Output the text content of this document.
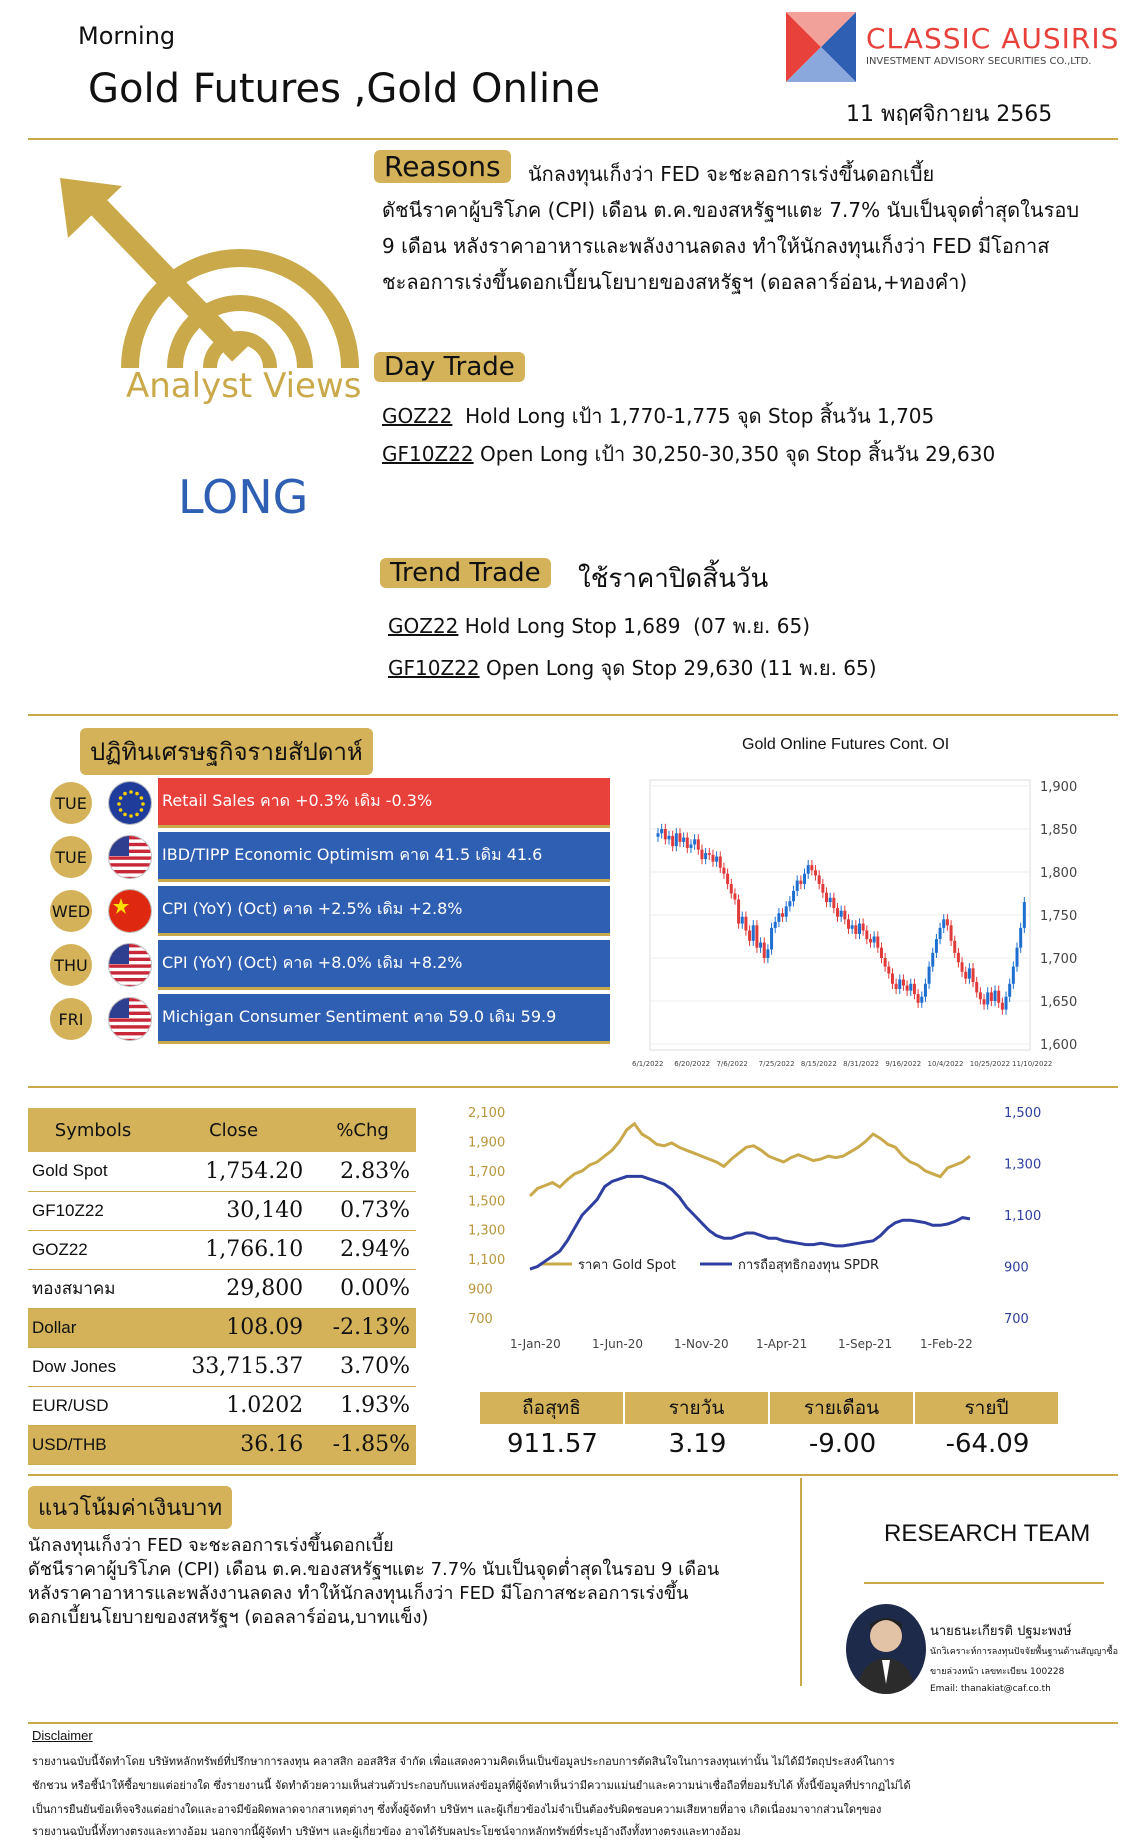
Morning
Gold Futures ,Gold Online
CLASSIC AUSIRIS
INVESTMENT ADVISORY SECURITIES CO.,LTD.
11 พฤศจิกายน 2565
Analyst Views
LONG
Reasons	นักลงทุนเก็งว่า FED จะชะลอการเร่งขึ้นดอกเบี้ย
ดัชนีราคาผู้บริโภค (CPI) เดือน ต.ค.ของสหรัฐฯแตะ 7.7% นับเป็นจุดต่ำสุดในรอบ
9 เดือน หลังราคาอาหารและพลังงานลดลง ทำให้นักลงทุนเก็งว่า FED มีโอกาส
ชะลอการเร่งขึ้นดอกเบี้ยนโยบายของสหรัฐฯ (ดอลลาร์อ่อน,+ทองคำ)
Day Trade
GOZ22  Hold Long เป้า 1,770-1,775 จุด Stop สิ้นวัน 1,705
GF10Z22 Open Long เป้า 30,250-30,350 จุด Stop สิ้นวัน 29,630
Trend Trade	ใช้ราคาปิดสิ้นวัน
GOZ22 Hold Long Stop 1,689  (07 พ.ย. 65)
GF10Z22 Open Long จุด Stop 29,630 (11 พ.ย. 65)
ปฏิทินเศรษฐกิจรายสัปดาห์
TUE	Retail Sales คาด +0.3% เดิม -0.3%
TUE	IBD/TIPP Economic Optimism คาด 41.5 เดิม 41.6
WED	CPI (YoY) (Oct) คาด +2.5% เดิม +2.8%
THU	CPI (YoY) (Oct) คาด +8.0% เดิม +8.2%
FRI	Michigan Consumer Sentiment คาด 59.0 เดิม 59.9
Gold Online Futures Cont. OI
1,900
1,850
1,800
1,750
1,700
1,650
1,600
6/1/2022 6/20/2022 7/6/2022 7/25/2022 8/15/2022 8/31/2022 9/16/2022 10/4/2022 10/25/2022 11/10/2022
Symbols	Close	%Chg
Gold Spot	1,754.20	2.83%
GF10Z22	30,140	0.73%
GOZ22	1,766.10	2.94%
ทองสมาคม	29,800	0.00%
Dollar	108.09	-2.13%
Dow Jones	33,715.37	3.70%
EUR/USD	1.0202	1.93%
USD/THB	36.16	-1.85%
2,100
1,900
1,700
1,500
1,300
1,100
900
700
1,500
1,300
1,100
900
700
1-Jan-20	1-Jun-20	1-Nov-20 1-Apr-21	1-Sep-21 1-Feb-22
ราคา Gold Spot	การถือสุทธิกองทุน SPDR
ถือสุทธิ	รายวัน	รายเดือน	รายปี
911.57	3.19	-9.00	-64.09
แนวโน้มค่าเงินบาท
นักลงทุนเก็งว่า FED จะชะลอการเร่งขึ้นดอกเบี้ย
ดัชนีราคาผู้บริโภค (CPI) เดือน ต.ค.ของสหรัฐฯแตะ 7.7% นับเป็นจุดต่ำสุดในรอบ 9 เดือน
หลังราคาอาหารและพลังงานลดลง ทำให้นักลงทุนเก็งว่า FED มีโอกาสชะลอการเร่งขึ้น
ดอกเบี้ยนโยบายของสหรัฐฯ (ดอลลาร์อ่อน,บาทแข็ง)
RESEARCH TEAM
นายธนะเกียรติ ปฐมะพงษ์
นักวิเคราะห์การลงทุนปัจจัยพื้นฐานด้านสัญญาซื้อ
ขายล่วงหน้า เลขทะเบียน 100228
Email: thanakiat@caf.co.th
Disclaimer
รายงานฉบับนี้จัดทำโดย บริษัทหลักทรัพย์ที่ปรึกษาการลงทุน คลาสสิก ออสสิริส จำกัด เพื่อแสดงความคิดเห็นเป็นข้อมูลประกอบการตัดสินใจในการลงทุนเท่านั้น ไม่ได้มีวัตถุประสงค์ในการ
ชักชวน หรือชี้นำให้ซื้อขายแต่อย่างใด ซึ่งรายงานนี้ จัดทำด้วยความเห็นส่วนตัวประกอบกับแหล่งข้อมูลที่ผู้จัดทำเห็นว่ามีความแม่นยำและความน่าเชื่อถือที่ยอมรับได้ ทั้งนี้ข้อมูลที่ปรากฏไม่ได้
เป็นการยืนยันข้อเท็จจริงแต่อย่างใดและอาจมีข้อผิดพลาดจากสาเหตุต่างๆ ซึ่งทั้งผู้จัดทำ บริษัทฯ และผู้เกี่ยวข้องไม่จำเป็นต้องรับผิดชอบความเสียหายที่อาจ เกิดเนื่องมาจากส่วนใดๆของ
รายงานฉบับนี้ทั้งทางตรงและทางอ้อม นอกจากนี้ผู้จัดทำ บริษัทฯ และผู้เกี่ยวข้อง อาจได้รับผลประโยชน์จากหลักทรัพย์ที่ระบุอ้างถึงทั้งทางตรงและทางอ้อม
